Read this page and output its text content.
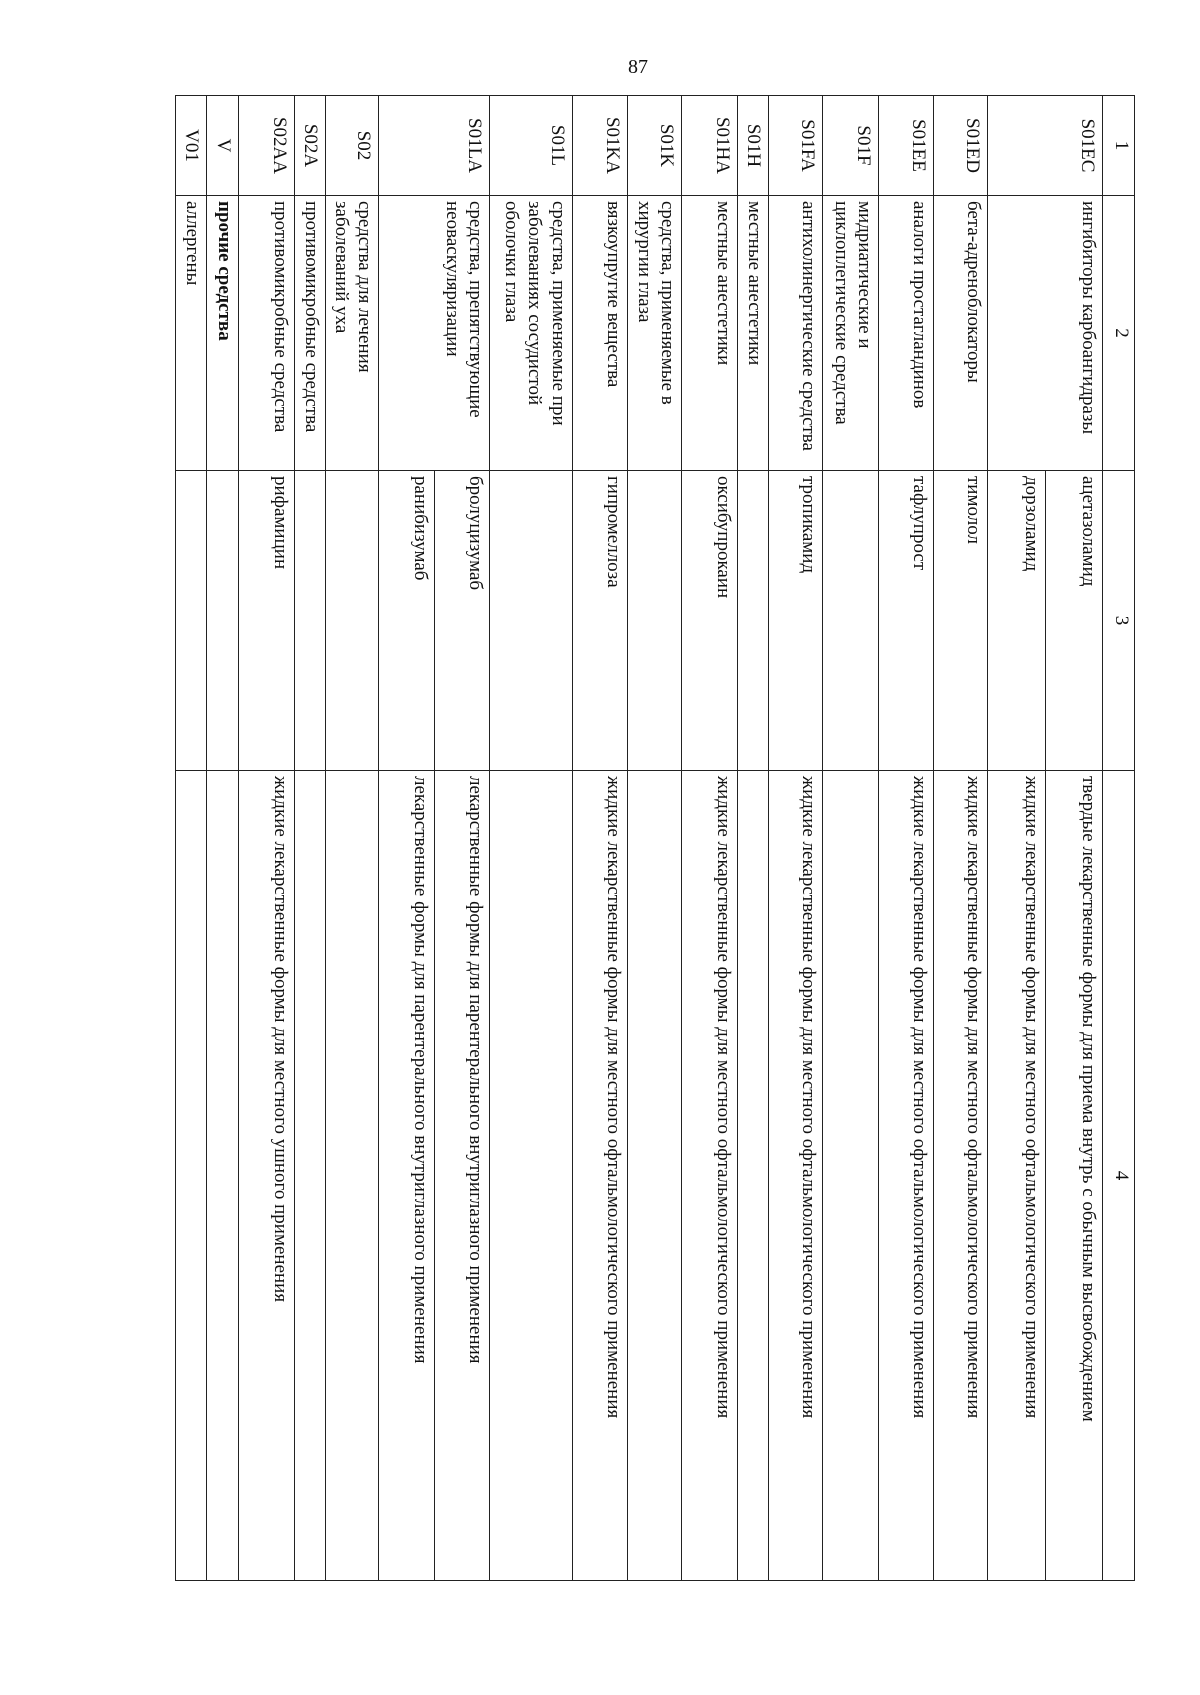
87
1	2	3	4
S01EC	ингибиторы карбоангидразы	ацетазоламид	твердые лекарственные формы для приема внутрь с обычным высвобождением
		дорзоламид	жидкие лекарственные формы для местного офтальмологического применения
S01ED	бета-адреноблокаторы	тимолол	жидкие лекарственные формы для местного офтальмологического применения
S01EE	аналоги простагландинов	тафлупрост	жидкие лекарственные формы для местного офтальмологического применения
S01F	мидриатические и циклоплегические средства		
S01FA	антихолинергические средства	тропикамид	жидкие лекарственные формы для местного офтальмологического применения
S01H	местные анестетики		
S01HA	местные анестетики	оксибупрокаин	жидкие лекарственные формы для местного офтальмологического применения
S01K	средства, применяемые в хирургии глаза		
S01KA	вязкоупругие вещества	гипромеллоза	жидкие лекарственные формы для местного офтальмологического применения
S01L	средства, применяемые при заболеваниях сосудистой оболочки глаза		
S01LA	средства, препятствующие неоваскуляризации	бролуцизумаб	лекарственные формы для парентерального внутриглазного применения
		ранибизумаб	лекарственные формы для парентерального внутриглазного применения
S02	средства для лечения заболеваний уха		
S02A	противомикробные средства		
S02AA	противомикробные средства	рифамицин	жидкие лекарственные формы для местного ушного применения
V	прочие средства		
V01	аллергены		
